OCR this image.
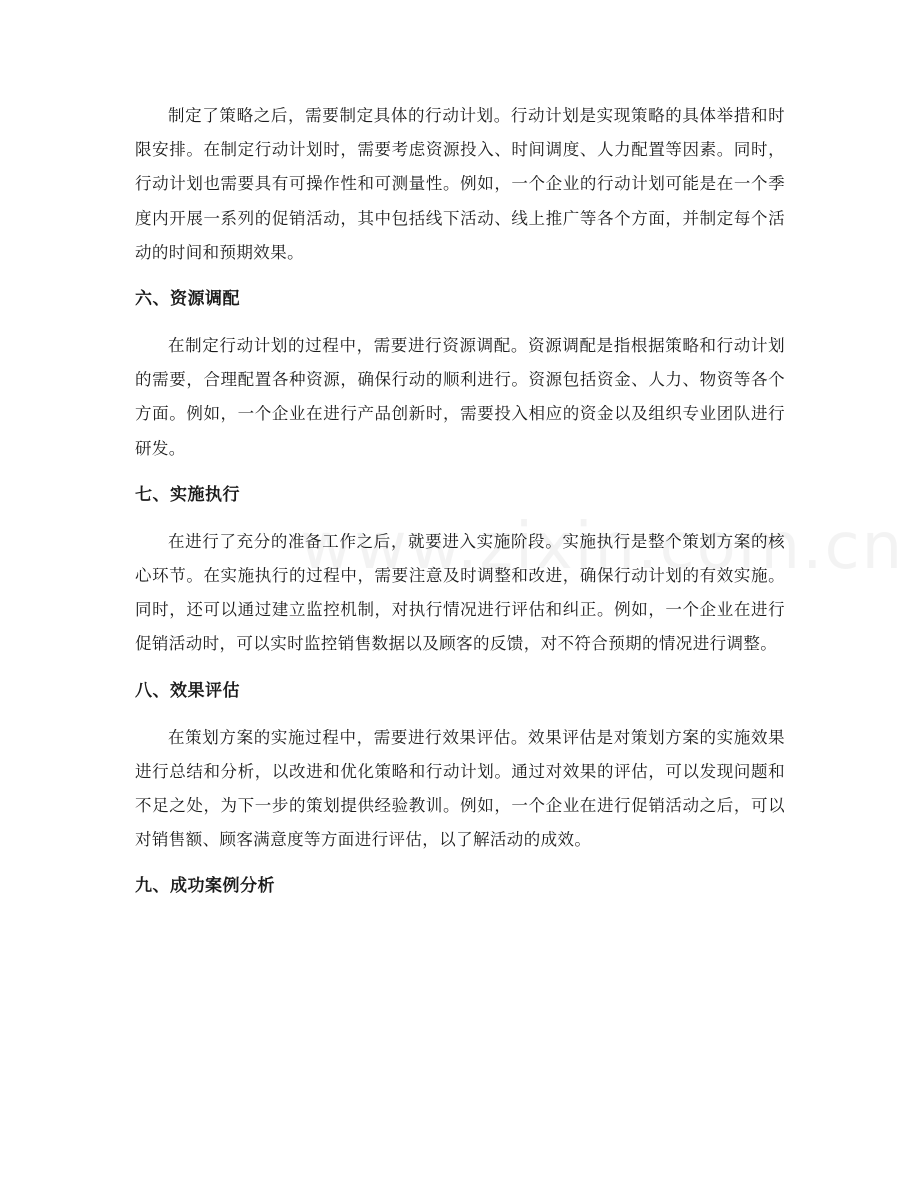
制定了策略之后，需要制定具体的行动计划。行动计划是实现策略的具体举措和时限安排。在制定行动计划时，需要考虑资源投入、时间调度、人力配置等因素。同时，行动计划也需要具有可操作性和可测量性。例如，一个企业的行动计划可能是在一个季度内开展一系列的促销活动，其中包括线下活动、线上推广等各个方面，并制定每个活动的时间和预期效果。

六、资源调配

在制定行动计划的过程中，需要进行资源调配。资源调配是指根据策略和行动计划的需要，合理配置各种资源，确保行动的顺利进行。资源包括资金、人力、物资等各个方面。例如，一个企业在进行产品创新时，需要投入相应的资金以及组织专业团队进行研发。

七、实施执行

在进行了充分的准备工作之后，就要进入实施阶段。实施执行是整个策划方案的核心环节。在实施执行的过程中，需要注意及时调整和改进，确保行动计划的有效实施。同时，还可以通过建立监控机制，对执行情况进行评估和纠正。例如，一个企业在进行促销活动时，可以实时监控销售数据以及顾客的反馈，对不符合预期的情况进行调整。

八、效果评估

在策划方案的实施过程中，需要进行效果评估。效果评估是对策划方案的实施效果进行总结和分析，以改进和优化策略和行动计划。通过对效果的评估，可以发现问题和不足之处，为下一步的策划提供经验教训。例如，一个企业在进行促销活动之后，可以对销售额、顾客满意度等方面进行评估，以了解活动的成效。

九、成功案例分析
